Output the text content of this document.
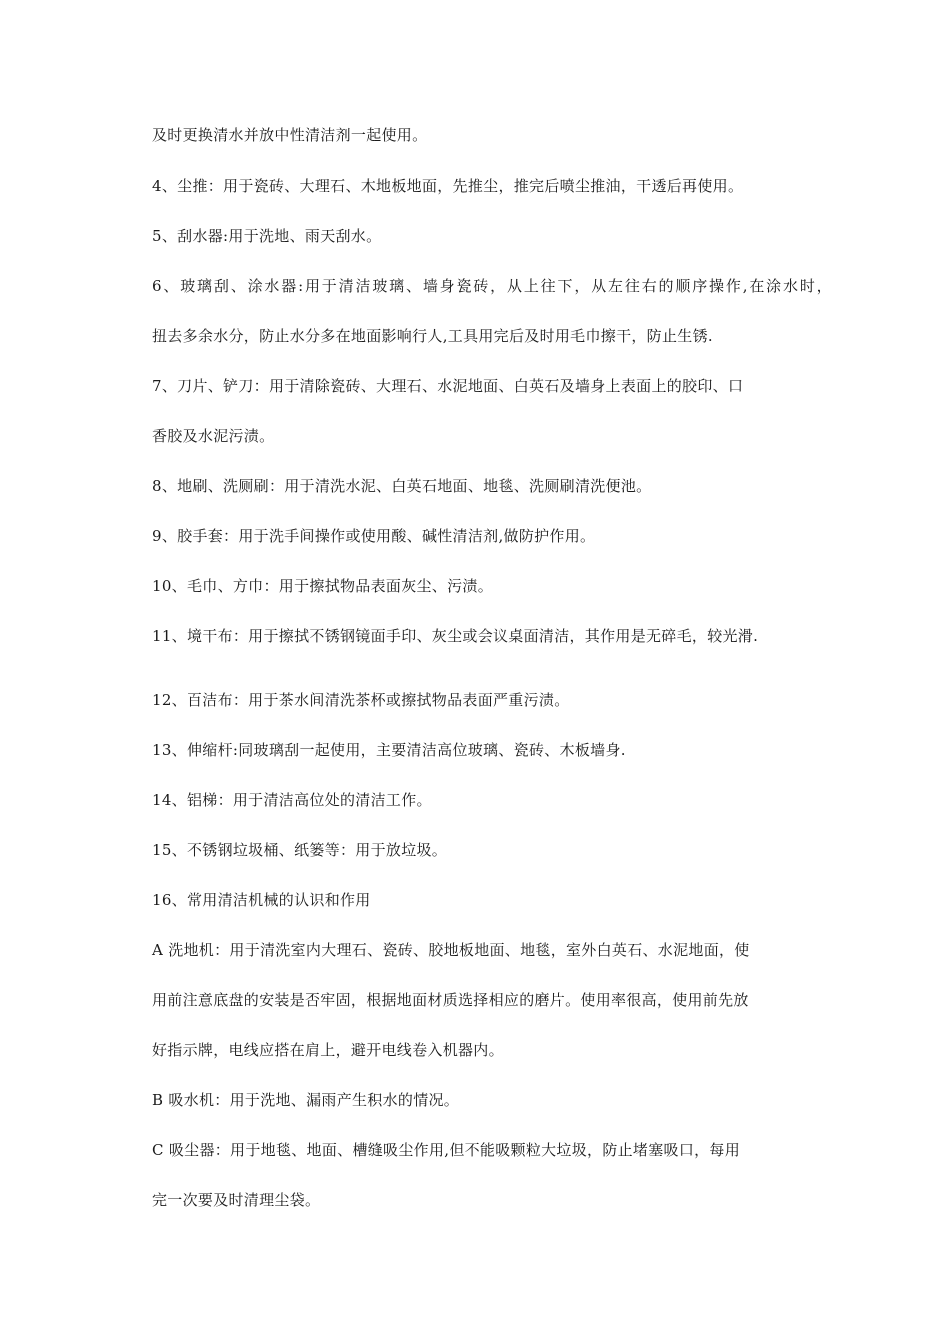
及时更换清水并放中性清洁剂一起使用。
4、尘推：用于瓷砖、大理石、木地板地面，先推尘，推完后喷尘推油，干透后再使用。
5、刮水器:用于洗地、雨天刮水。
6、玻璃刮、涂水器:用于清洁玻璃、墙身瓷砖，从上往下，从左往右的顺序操作,在涂水时，
扭去多余水分，防止水分多在地面影响行人,工具用完后及时用毛巾擦干，防止生锈.
7、刀片、铲刀：用于清除瓷砖、大理石、水泥地面、白英石及墙身上表面上的胶印、口
香胶及水泥污渍。
8、地刷、洗厕刷：用于清洗水泥、白英石地面、地毯、洗厕刷清洗便池。
9、胶手套：用于洗手间操作或使用酸、碱性清洁剂,做防护作用。
10、毛巾、方巾：用于擦拭物品表面灰尘、污渍。
11、境干布：用于擦拭不锈钢镜面手印、灰尘或会议桌面清洁，其作用是无碎毛，较光滑.
12、百洁布：用于茶水间清洗茶杯或擦拭物品表面严重污渍。
13、伸缩杆:同玻璃刮一起使用，主要清洁高位玻璃、瓷砖、木板墙身.
14、铝梯：用于清洁高位处的清洁工作。
15、不锈钢垃圾桶、纸篓等：用于放垃圾。
16、常用清洁机械的认识和作用
A 洗地机：用于清洗室内大理石、瓷砖、胶地板地面、地毯，室外白英石、水泥地面，使
用前注意底盘的安装是否牢固，根据地面材质选择相应的磨片。使用率很高，使用前先放
好指示牌，电线应搭在肩上，避开电线卷入机器内。
B 吸水机：用于洗地、漏雨产生积水的情况。
C 吸尘器：用于地毯、地面、槽缝吸尘作用,但不能吸颗粒大垃圾，防止堵塞吸口，每用
完一次要及时清理尘袋。
